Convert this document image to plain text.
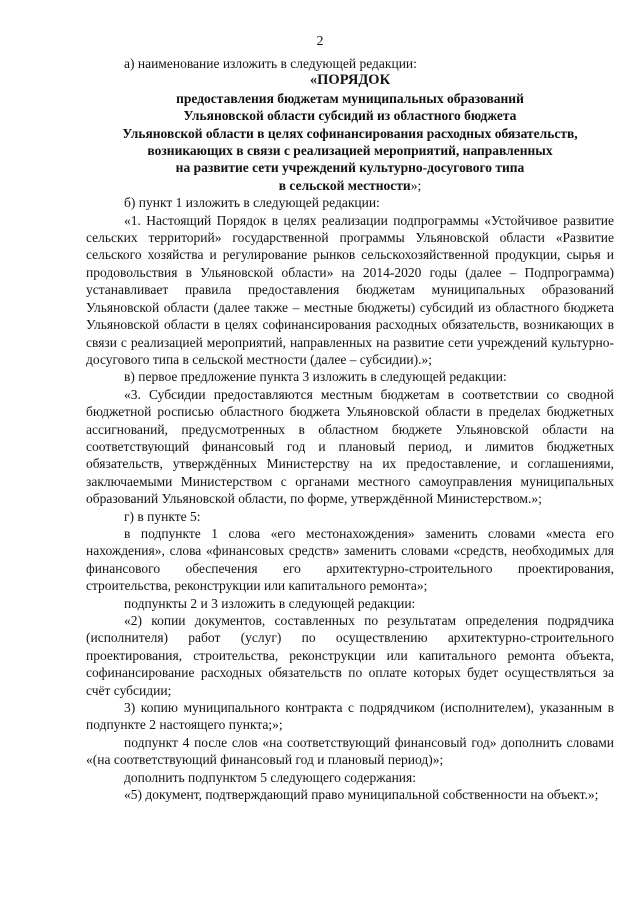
2

а) наименование изложить в следующей редакции:

«ПОРЯДОК
предоставления бюджетам муниципальных образований
Ульяновской области субсидий из областного бюджета
Ульяновской области в целях софинансирования расходных обязательств,
возникающих в связи с реализацией мероприятий, направленных
на развитие сети учреждений культурно-досугового типа
в сельской местности»;

б) пункт 1 изложить в следующей редакции:

«1. Настоящий Порядок в целях реализации подпрограммы «Устойчивое развитие сельских территорий» государственной программы Ульяновской области «Развитие сельского хозяйства и регулирование рынков сельскохозяйственной продукции, сырья и продовольствия в Ульяновской области» на 2014-2020 годы (далее – Подпрограмма) устанавливает правила предоставления бюджетам муниципальных образований Ульяновской области (далее также – местные бюджеты) субсидий из областного бюджета Ульяновской области в целях софинансирования расходных обязательств, возникающих в связи с реализацией мероприятий, направленных на развитие сети учреждений культурно-досугового типа в сельской местности (далее – субсидии).»;

в) первое предложение пункта 3 изложить в следующей редакции:

«3. Субсидии предоставляются местным бюджетам в соответствии со сводной бюджетной росписью областного бюджета Ульяновской области в пределах бюджетных ассигнований, предусмотренных в областном бюджете Ульяновской области на соответствующий финансовый год и плановый период, и лимитов бюджетных обязательств, утверждённых Министерству на их предоставление, и соглашениями, заключаемыми Министерством с органами местного самоуправления муниципальных образований Ульяновской области, по форме, утверждённой Министерством.»;

г) в пункте 5:

в подпункте 1 слова «его местонахождения» заменить словами «места его нахождения», слова «финансовых средств» заменить словами «средств, необходимых для финансового обеспечения его архитектурно-строительного проектирования, строительства, реконструкции или капитального ремонта»;

подпункты 2 и 3 изложить в следующей редакции:

«2) копии документов, составленных по результатам определения подрядчика (исполнителя) работ (услуг) по осуществлению архитектурно-строительного проектирования, строительства, реконструкции или капитального ремонта объекта, софинансирование расходных обязательств по оплате которых будет осуществляться за счёт субсидии;

3) копию муниципального контракта с подрядчиком (исполнителем), указанным в подпункте 2 настоящего пункта;»;

подпункт 4 после слов «на соответствующий финансовый год» дополнить словами «(на соответствующий финансовый год и плановый период)»;

дополнить подпунктом 5 следующего содержания:

«5) документ, подтверждающий право муниципальной собственности на объект.»;
